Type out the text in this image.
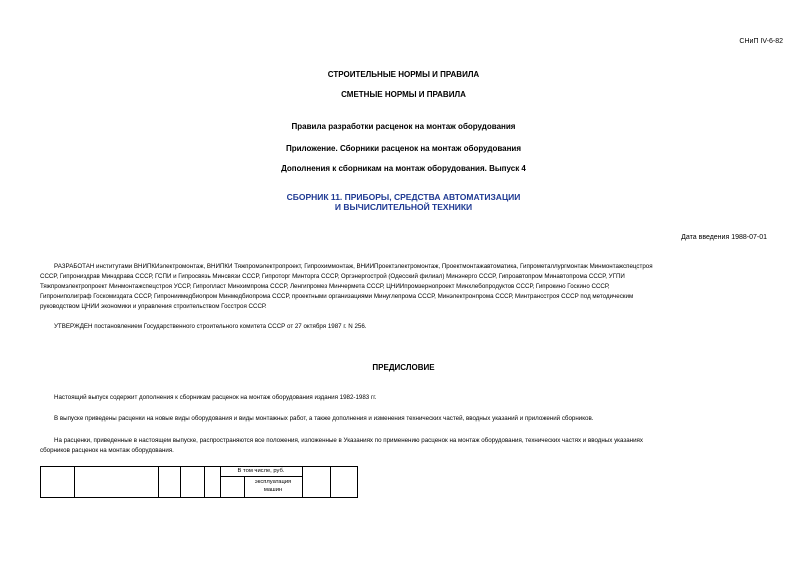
СНиП IV-6-82
СТРОИТЕЛЬНЫЕ НОРМЫ И ПРАВИЛА
СМЕТНЫЕ НОРМЫ И ПРАВИЛА
Правила разработки расценок на монтаж оборудования
Приложение. Сборники расценок на монтаж оборудования
Дополнения к сборникам на монтаж оборудования. Выпуск 4
СБОРНИК 11. ПРИБОРЫ, СРЕДСТВА АВТОМАТИЗАЦИИ
И ВЫЧИСЛИТЕЛЬНОЙ ТЕХНИКИ
Дата введения 1988-07-01
РАЗРАБОТАН институтами ВНИПКИэлектромонтаж, ВНИПКИ Тяжпромэлектропроект, Гипрохиммонтаж, ВНИИПроектэлектромонтаж, Проектмонтажавтоматика, Гипрометаллургмонтаж Минмонтажспецстроя
СССР, Гипрониздрав Минздрава СССР, ГСПИ и Гипросвязь Минсвязи СССР, Гипроторг Минторга СССР, Оргэнергострой (Одесский филиал) Минэнерго СССР, Гипроавтопром Минавтопрома СССР, УГПИ
Тяжпромэлектропроект Минмонтажспецстроя УССР, Гипропласт Минхимпрома СССР, Ленгипромез Минчермета СССР, ЦНИИпромзернопроект Минхлебопродуктов СССР, Гипрокино Госкино СССР,
Гипрониполиграф Госкомиздата СССР, Гипрониимедбиопром Минмедбиопрома СССР, проектными организациями Минуглепрома СССР, Минэлектронпрома СССР, Минтрансстроя СССР под методическим
руководством ЦНИИ экономики и управления строительством Госстроя СССР.
УТВЕРЖДЕН постановлением Государственного строительного комитета СССР от 27 октября 1987 г. N 256.
ПРЕДИСЛОВИЕ
Настоящий выпуск содержит дополнения к сборникам расценок на монтаж оборудования издания 1982-1983 гг.
В выпуске приведены расценки на новые виды оборудования и виды монтажных работ, а также дополнения и изменения технических частей, вводных указаний и приложений сборников.
На расценки, приведенные в настоящем выпуске, распространяются все положения, изложенные в Указаниях по применению расценок на монтаж оборудования, технических частях и вводных указаниях
сборников расценок на монтаж оборудования.
В том числе, руб.
эксплуатация
машин
